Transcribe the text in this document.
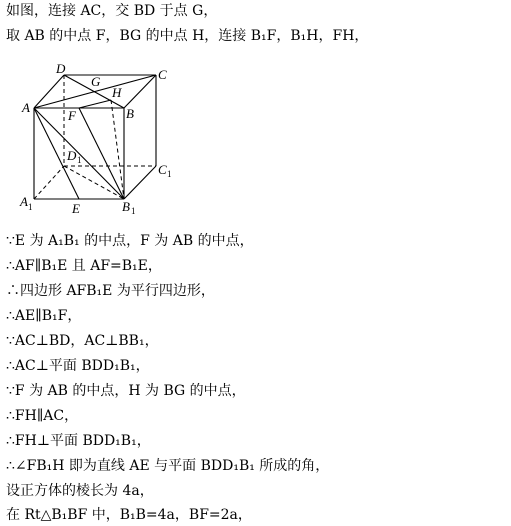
如图，连接 AC，交 BD 于点 G，
取 AB 的中点 F，BG 的中点 H，连接 B₁F，B₁H，FH，
D	C
A	B
G
H
F
D 1
C 1
A 1	E	B 1
∵E 为 A₁B₁ 的中点，F 为 AB 的中点，
∴AF∥B₁E 且 AF=B₁E，
∴四边形 AFB₁E 为平行四边形，
∴AE∥B₁F，
∵AC⊥BD，AC⊥BB₁，
∴AC⊥平面 BDD₁B₁，
∵F 为 AB 的中点，H 为 BG 的中点，
∴FH∥AC，
∴FH⊥平面 BDD₁B₁，
∴∠FB₁H 即为直线 AE 与平面 BDD₁B₁ 所成的角，
设正方体的棱长为 4a，
在 Rt△B₁BF 中，B₁B=4a，BF=2a，
